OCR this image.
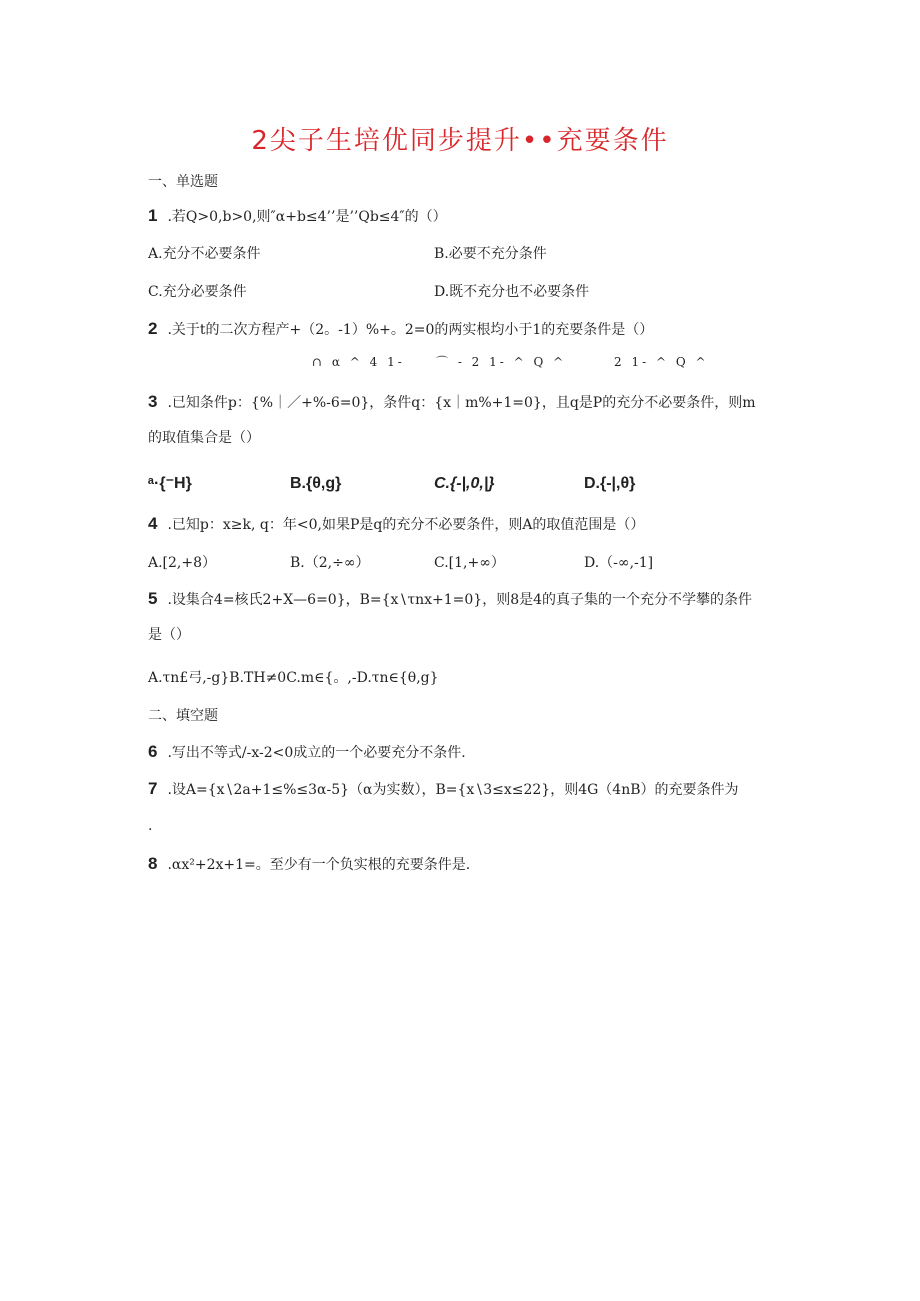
2尖子生培优同步提升••充要条件
一、单选题
1 .若Q>0,b>0,则″α+b≤4’’是’’Qb≤4″的（）
A.充分不必要条件	B.必要不充分条件
C.充分必要条件	D.既不充分也不必要条件
2 .关于t的二次方程产+（2。-1）%+。2=0的两实根均小于1的充要条件是（）
∩ α ^ 4 1-	⌒ - 2 1- ^ Q ^	2 1- ^ Q ^
3 .已知条件p：{%｜／+%-6=0}，条件q：{x｜m%+1=0}，且q是P的充分不必要条件，则m
的取值集合是（）
ᵃ·{⁻H}	B.{θ,g}	C.{-|,0,|}	D.{-|,θ}
4 .已知p：x≥k, q：年<0,如果P是q的充分不必要条件，则A的取值范围是（）
A.[2,+8）	B.（2,÷∞）	C.[1,+∞）	D.（-∞,-1]
5 .设集合4=核氏2+X—6=0}，B={x∖τnx+1=0}，则8是4的真子集的一个充分不学攀的条件
是（）
A.τn£弓,-g}B.TH≠0C.m∈{。,-D.τn∈{θ,g}
二、填空题
6 .写出不等式/-x-2<0成立的一个必要充分不条件.
7 .设A={x∖2a+1≤%≤3α-5}（α为实数），B={x∖3≤x≤22}，则4G（4nB）的充要条件为
.
8 .αx²+2x+1=。至少有一个负实根的充要条件是.
